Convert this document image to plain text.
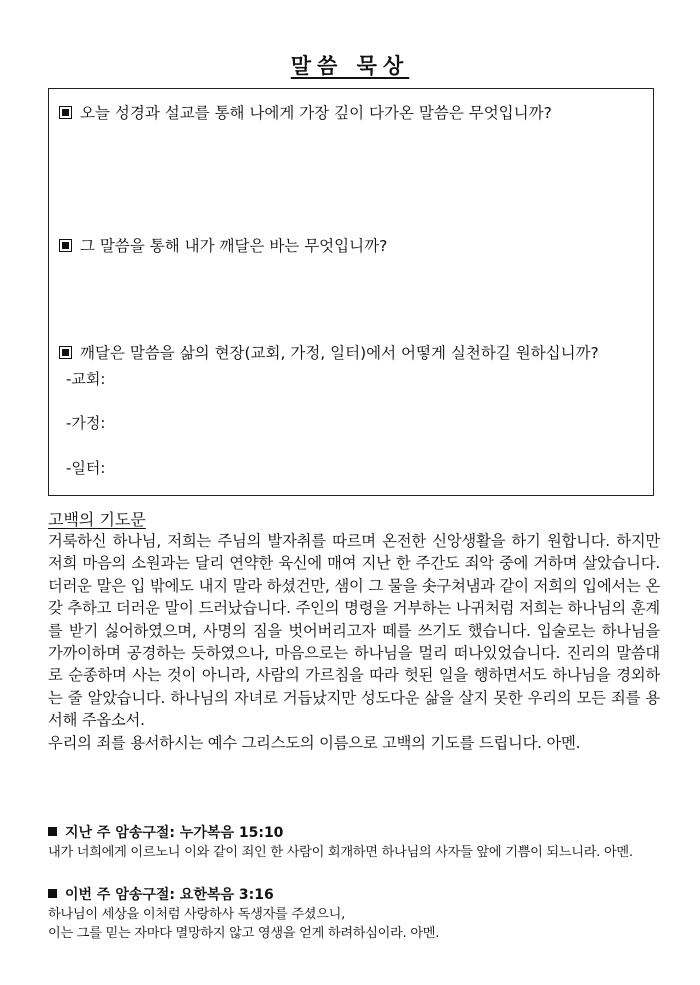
말씀 묵상
오늘 성경과 설교를 통해 나에게 가장 깊이 다가온 말씀은 무엇입니까?
그 말씀을 통해 내가 깨달은 바는 무엇입니까?
깨달은 말씀을 삶의 현장(교회, 가정, 일터)에서 어떻게 실천하길 원하십니까?
-교회:
-가정:
-일터:
고백의 기도문

거룩하신 하나님, 저희는 주님의 발자취를 따르며 온전한 신앙생활을 하기 원합니다. 하지만 저희 마음의 소원과는 달리 연약한 육신에 매여 지난 한 주간도 죄악 중에 거하며 살았습니다. 더러운 말은 입 밖에도 내지 말라 하셨건만, 샘이 그 물을 솟구쳐냄과 같이 저희의 입에서는 온갖 추하고 더러운 말이 드러났습니다. 주인의 명령을 거부하는 나귀처럼 저희는 하나님의 훈계를 받기 싫어하였으며, 사명의 짐을 벗어버리고자 떼를 쓰기도 했습니다. 입술로는 하나님을 가까이하며 공경하는 듯하였으나, 마음으로는 하나님을 멀리 떠나있었습니다. 진리의 말씀대로 순종하며 사는 것이 아니라, 사람의 가르침을 따라 헛된 일을 행하면서도 하나님을 경외하는 줄 알았습니다. 하나님의 자녀로 거듭났지만 성도다운 삶을 살지 못한 우리의 모든 죄를 용서해 주옵소서.

우리의 죄를 용서하시는 예수 그리스도의 이름으로 고백의 기도를 드립니다. 아멘.

지난 주 암송구절: 누가복음 15:10
내가 너희에게 이르노니 이와 같이 죄인 한 사람이 회개하면 하나님의 사자들 앞에 기쁨이 되느니라. 아멘.
이번 주 암송구절: 요한복음 3:16
하나님이 세상을 이처럼 사랑하사 독생자를 주셨으니,
이는 그를 믿는 자마다 멸망하지 않고 영생을 얻게 하려하심이라. 아멘.
